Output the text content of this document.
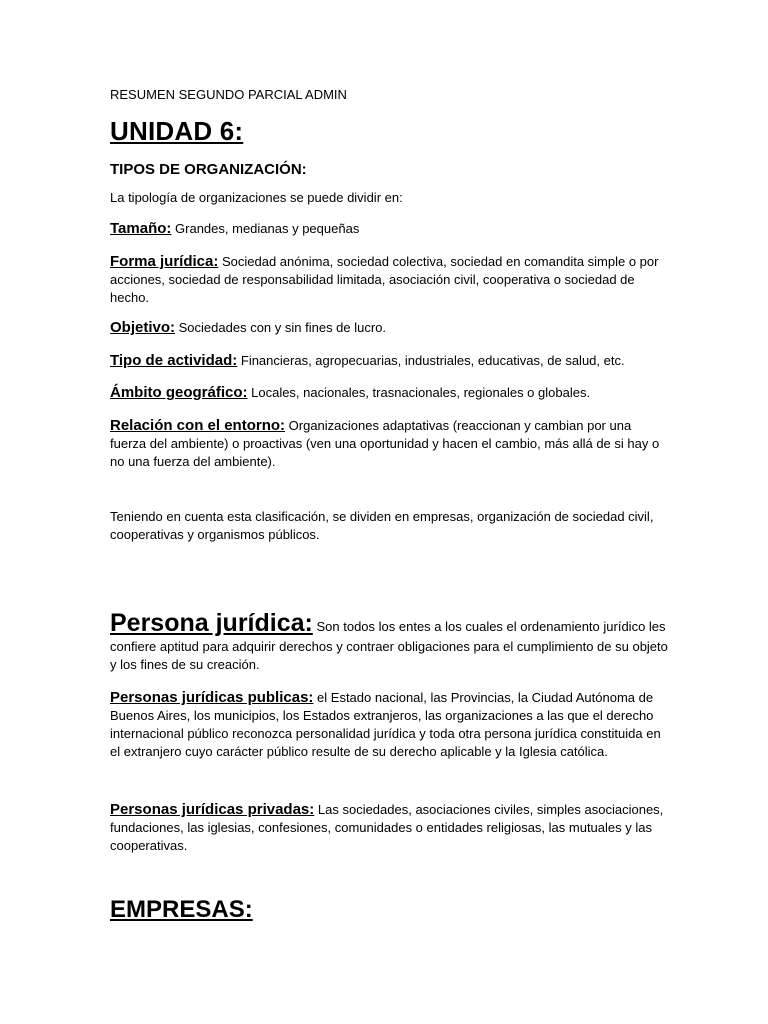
RESUMEN SEGUNDO PARCIAL ADMIN

UNIDAD 6:
TIPOS DE ORGANIZACIÓN:

La tipología de organizaciones se puede dividir en:

Tamaño: Grandes, medianas y pequeñas

Forma jurídica: Sociedad anónima, sociedad colectiva, sociedad en comandita simple o por acciones, sociedad de responsabilidad limitada, asociación civil, cooperativa o sociedad de hecho.

Objetivo: Sociedades con y sin fines de lucro.

Tipo de actividad: Financieras, agropecuarias, industriales, educativas, de salud, etc.

Ámbito geográfico: Locales, nacionales, trasnacionales, regionales o globales.

Relación con el entorno: Organizaciones adaptativas (reaccionan y cambian por una fuerza del ambiente) o proactivas (ven una oportunidad y hacen el cambio, más allá de si hay o no una fuerza del ambiente).

Teniendo en cuenta esta clasificación, se dividen en empresas, organización de sociedad civil, cooperativas y organismos públicos.

Persona jurídica: Son todos los entes a los cuales el ordenamiento jurídico les confiere aptitud para adquirir derechos y contraer obligaciones para el cumplimiento de su objeto y los fines de su creación.

Personas jurídicas publicas: el Estado nacional, las Provincias, la Ciudad Autónoma de Buenos Aires, los municipios, los Estados extranjeros, las organizaciones a las que el derecho internacional público reconozca personalidad jurídica y toda otra persona jurídica constituida en el extranjero cuyo carácter público resulte de su derecho aplicable y la Iglesia católica.

Personas jurídicas privadas: Las sociedades, asociaciones civiles, simples asociaciones, fundaciones, las iglesias, confesiones, comunidades o entidades religiosas, las mutuales y las cooperativas.

EMPRESAS:
